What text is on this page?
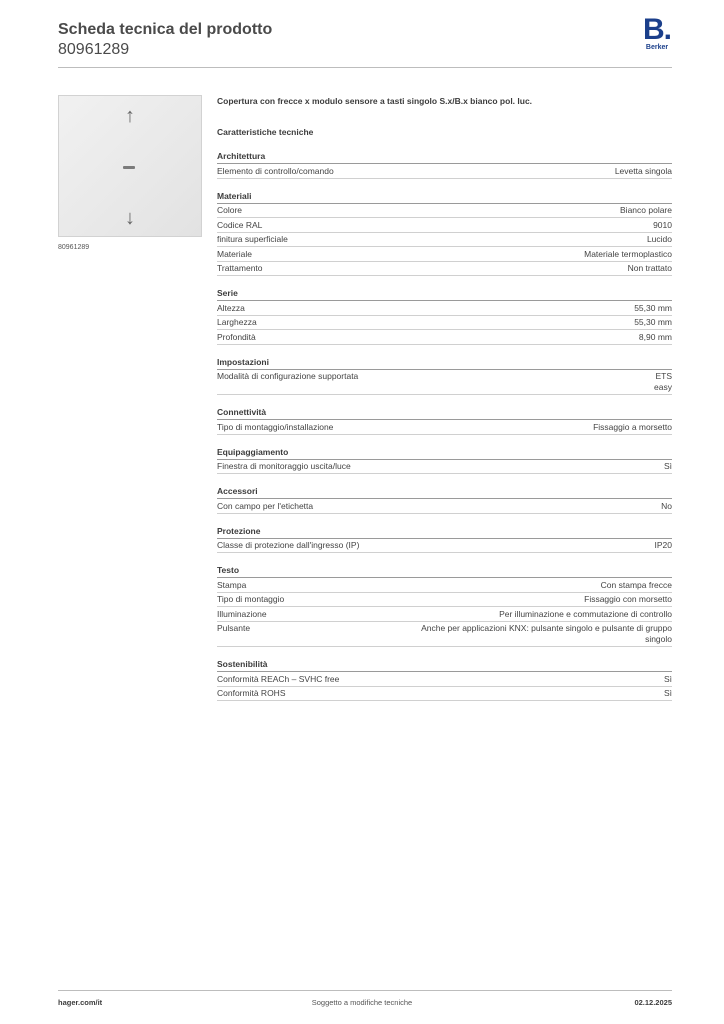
Scheda tecnica del prodotto
80961289
B.
Berker
↑
↓
80961289
Copertura con frecce x modulo sensore a tasti singolo S.x/B.x bianco pol. luc.
Caratteristiche tecniche
Architettura
Elemento di controllo/comando	Levetta singola
Materiali
Colore	Bianco polare
Codice RAL	9010
finitura superficiale	Lucido
Materiale	Materiale termoplastico
Trattamento	Non trattato
Serie
Altezza	55,30 mm
Larghezza	55,30 mm
Profondità	8,90 mm
Impostazioni
Modalità di configurazione supportata	ETS
easy
Connettività
Tipo di montaggio/installazione	Fissaggio a morsetto
Equipaggiamento
Finestra di monitoraggio uscita/luce	Sì
Accessori
Con campo per l'etichetta	No
Protezione
Classe di protezione dall'ingresso (IP)	IP20
Testo
Stampa	Con stampa frecce
Tipo di montaggio	Fissaggio con morsetto
Illuminazione	Per illuminazione e commutazione di controllo
Pulsante	Anche per applicazioni KNX: pulsante singolo e pulsante di gruppo
singolo
Sostenibilità
Conformità REACh – SVHC free	Sì
Conformità ROHS	Sì
hager.com/it	Soggetto a modifiche tecniche	02.12.2025
